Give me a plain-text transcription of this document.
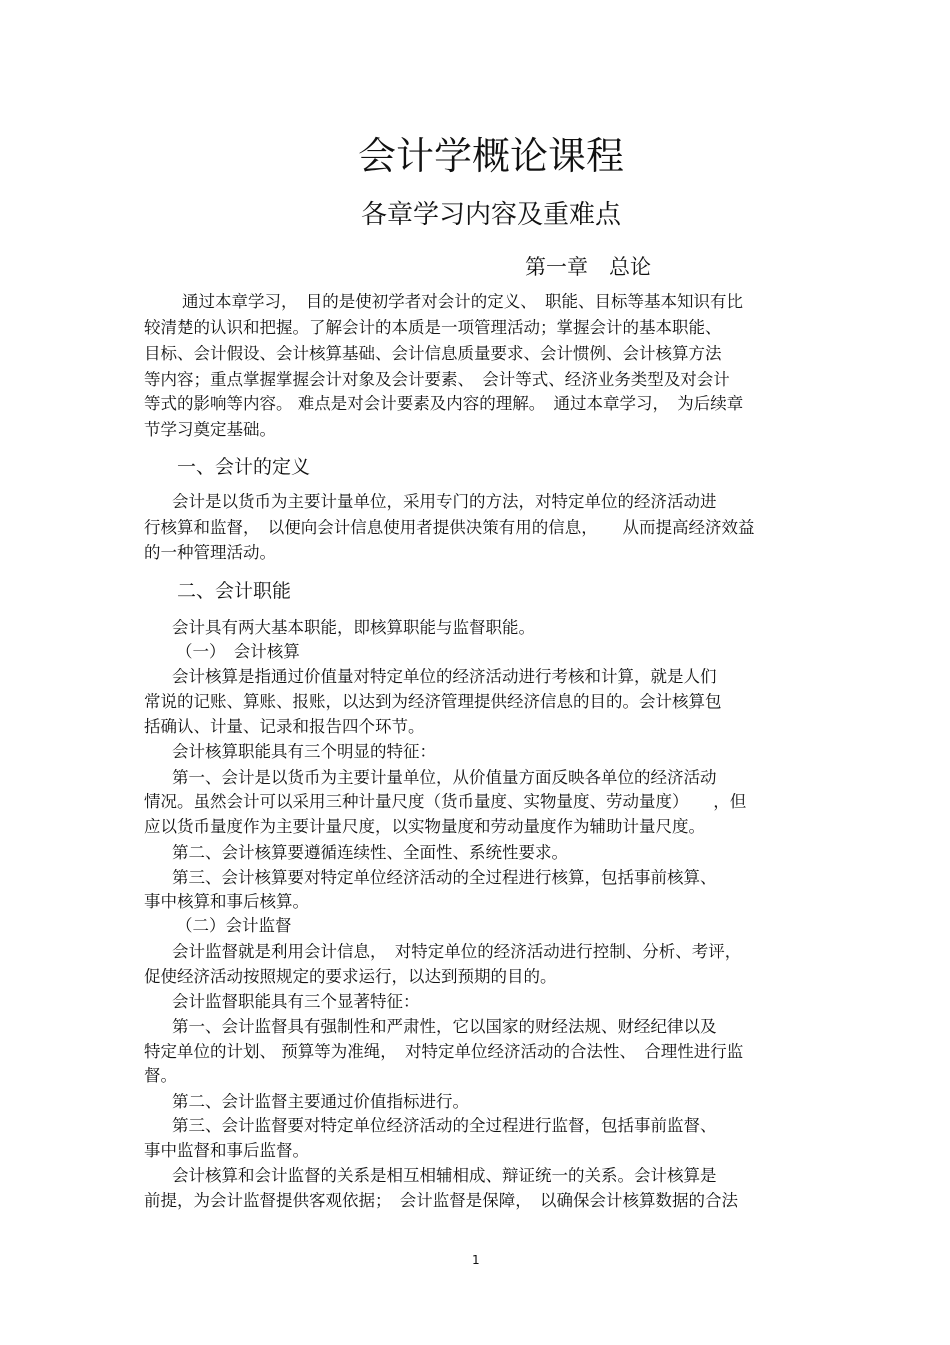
会计学概论课程
各章学习内容及重难点
第一章　总论
通过本章学习，　目的是使初学者对会计的定义、　职能、目标等基本知识有比
较清楚的认识和把握。了解会计的本质是一项管理活动；掌握会计的基本职能、
目标、会计假设、会计核算基础、会计信息质量要求、会计惯例、会计核算方法
等内容；重点掌握掌握会计对象及会计要素、　会计等式、经济业务类型及对会计
等式的影响等内容。 难点是对会计要素及内容的理解。　通过本章学习，　为后续章
节学习奠定基础。
一、会计的定义
会计是以货币为主要计量单位，采用专门的方法，对特定单位的经济活动进
行核算和监督，　以便向会计信息使用者提供决策有用的信息，　　从而提高经济效益
的一种管理活动。
二、会计职能
会计具有两大基本职能，即核算职能与监督职能。
（一）　会计核算
会计核算是指通过价值量对特定单位的经济活动进行考核和计算，就是人们
常说的记账、算账、报账，以达到为经济管理提供经济信息的目的。会计核算包
括确认、计量、记录和报告四个环节。
会计核算职能具有三个明显的特征：
第一、会计是以货币为主要计量单位，从价值量方面反映各单位的经济活动
情况。虽然会计可以采用三种计量尺度（货币量度、实物量度、劳动量度）　　，但
应以货币量度作为主要计量尺度，以实物量度和劳动量度作为辅助计量尺度。
第二、会计核算要遵循连续性、全面性、系统性要求。
第三、会计核算要对特定单位经济活动的全过程进行核算，包括事前核算、
事中核算和事后核算。
（二）会计监督
会计监督就是利用会计信息，　对特定单位的经济活动进行控制、分析、考评，
促使经济活动按照规定的要求运行，以达到预期的目的。
会计监督职能具有三个显著特征：
第一、会计监督具有强制性和严肃性，它以国家的财经法规、财经纪律以及
特定单位的计划、 预算等为准绳，　对特定单位经济活动的合法性、　合理性进行监
督。
第二、会计监督主要通过价值指标进行。
第三、会计监督要对特定单位经济活动的全过程进行监督，包括事前监督、
事中监督和事后监督。
会计核算和会计监督的关系是相互相辅相成、辩证统一的关系。会计核算是
前提，为会计监督提供客观依据；　会计监督是保障，　以确保会计核算数据的合法
1
